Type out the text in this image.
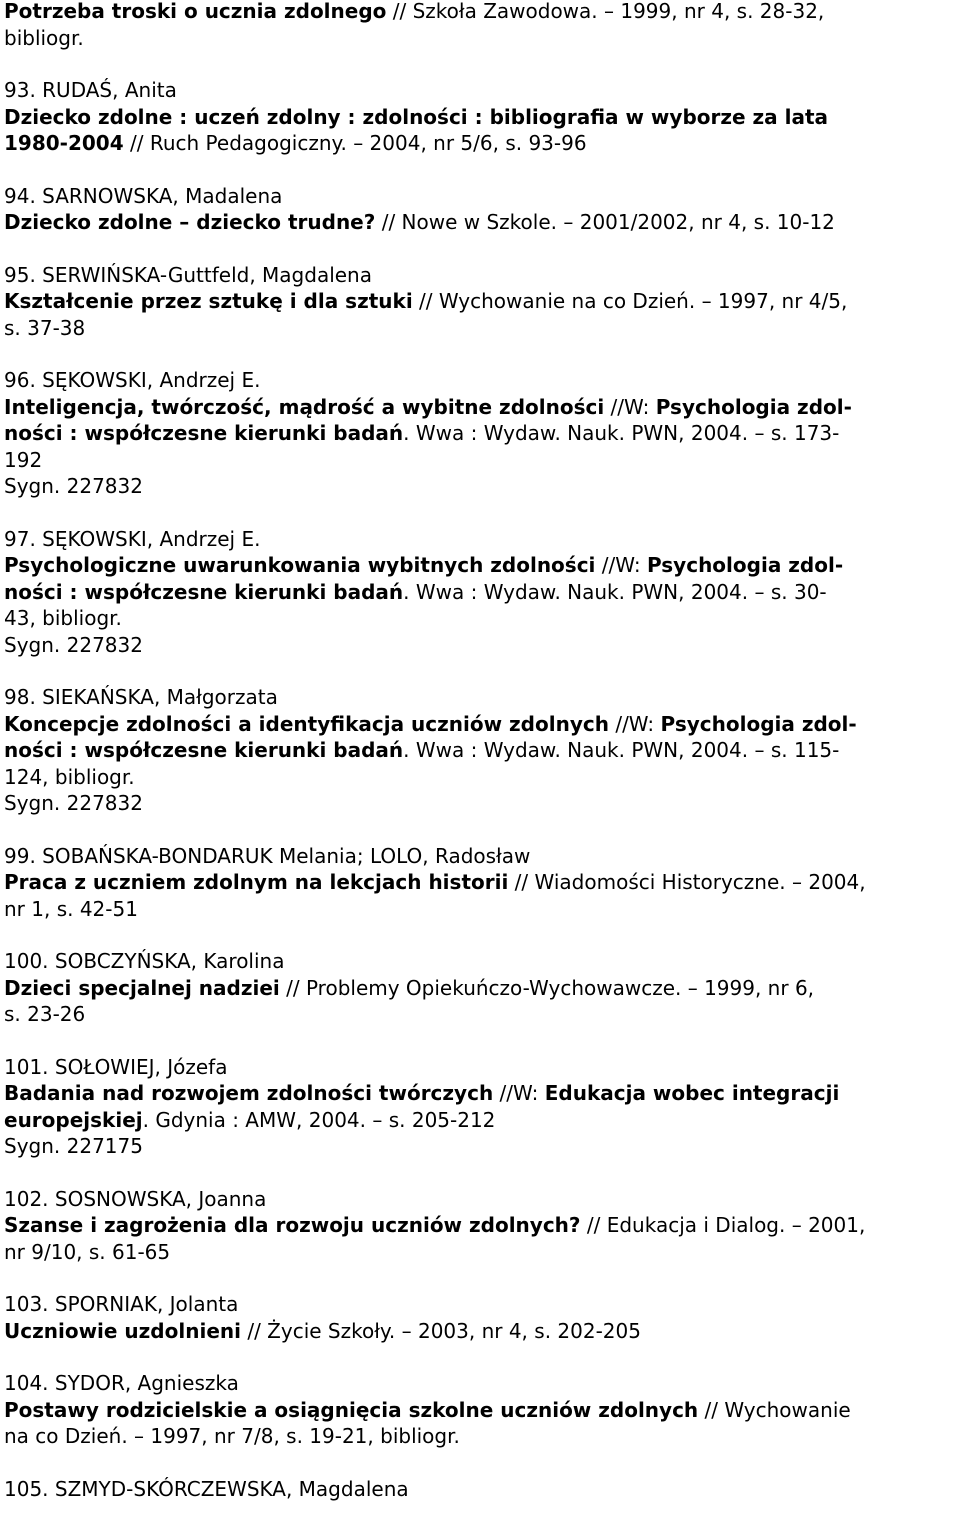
Potrzeba troski o ucznia zdolnego // Szkoła Zawodowa. – 1999, nr 4, s. 28-32,
bibliogr.
93. RUDAŚ, Anita
Dziecko zdolne : uczeń zdolny : zdolności : bibliografia w wyborze za lata
1980-2004 // Ruch Pedagogiczny. – 2004, nr 5/6, s. 93-96
94. SARNOWSKA, Madalena
Dziecko zdolne – dziecko trudne? // Nowe w Szkole. – 2001/2002, nr 4, s. 10-12
95. SERWIŃSKA-Guttfeld, Magdalena
Kształcenie przez sztukę i dla sztuki // Wychowanie na co Dzień. – 1997, nr 4/5,
s. 37-38
96. SĘKOWSKI, Andrzej E.
Inteligencja, twórczość, mądrość a wybitne zdolności //W: Psychologia zdol-
ności : współczesne kierunki badań. Wwa : Wydaw. Nauk. PWN, 2004. – s. 173-
192
Sygn. 227832
97. SĘKOWSKI, Andrzej E.
Psychologiczne uwarunkowania wybitnych zdolności //W: Psychologia zdol-
ności : współczesne kierunki badań. Wwa : Wydaw. Nauk. PWN, 2004. – s. 30-
43, bibliogr.
Sygn. 227832
98. SIEKAŃSKA, Małgorzata
Koncepcje zdolności a identyfikacja uczniów zdolnych //W: Psychologia zdol-
ności : współczesne kierunki badań. Wwa : Wydaw. Nauk. PWN, 2004. – s. 115-
124, bibliogr.
Sygn. 227832
99. SOBAŃSKA-BONDARUK Melania; LOLO, Radosław
Praca z uczniem zdolnym na lekcjach historii // Wiadomości Historyczne. – 2004,
nr 1, s. 42-51
100. SOBCZYŃSKA, Karolina
Dzieci specjalnej nadziei // Problemy Opiekuńczo-Wychowawcze. – 1999, nr 6,
s. 23-26
101. SOŁOWIEJ, Józefa
Badania nad rozwojem zdolności twórczych //W: Edukacja wobec integracji
europejskiej. Gdynia : AMW, 2004. – s. 205-212
Sygn. 227175
102. SOSNOWSKA, Joanna
Szanse i zagrożenia dla rozwoju uczniów zdolnych? // Edukacja i Dialog. – 2001,
nr 9/10, s. 61-65
103. SPORNIAK, Jolanta
Uczniowie uzdolnieni // Życie Szkoły. – 2003, nr 4, s. 202-205
104. SYDOR, Agnieszka
Postawy rodzicielskie a osiągnięcia szkolne uczniów zdolnych // Wychowanie
na co Dzień. – 1997, nr 7/8, s. 19-21, bibliogr.
105. SZMYD-SKÓRCZEWSKA, Magdalena
